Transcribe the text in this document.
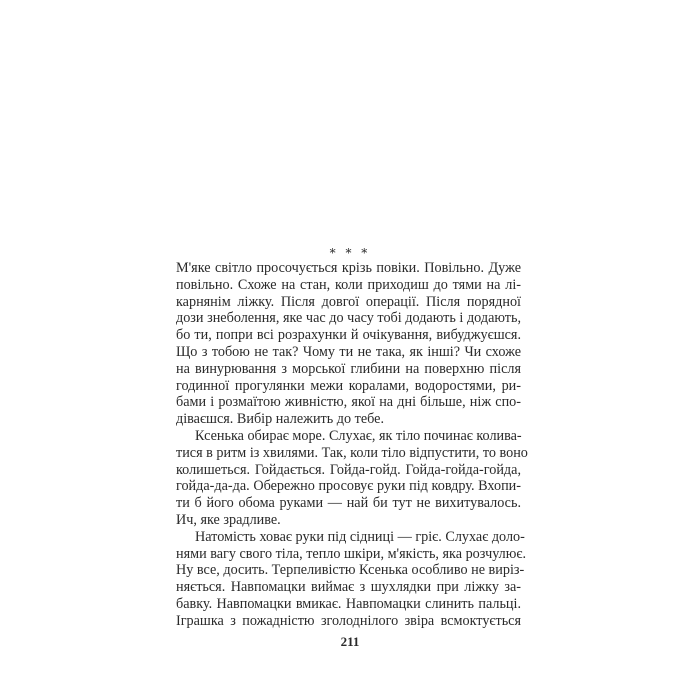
* * *
М'яке світло просочується крізь повіки. Повільно. Дуже
повільно. Схоже на стан, коли приходиш до тями на лі-
карнянім ліжку. Після довгої операції. Після порядної
дози знеболення, яке час до часу тобі додають і додають,
бо ти, попри всі розрахунки й очікування, вибуджуєшся.
Що з тобою не так? Чому ти не така, як інші? Чи схоже
на винурювання з морської глибини на поверхню після
годинної прогулянки межи коралами, водоростями, ри-
бами і розмаїтою живністю, якої на дні більше, ніж спо-
діваєшся. Вибір належить до тебе.
Ксенька обирає море. Слухає, як тіло починає колива-
тися в ритм із хвилями. Так, коли тіло відпустити, то воно
колишеться. Гойдається. Гойда-гойд. Гойда-гойда-гойда,
гойда-да-да. Обережно просовує руки під ковдру. Вхопи-
ти б його обома руками — най би тут не вихитувалось.
Ич, яке зрадливе.
Натомість ховає руки під сідниці — гріє. Слухає доло-
нями вагу свого тіла, тепло шкіри, м'якість, яка розчулює.
Ну все, досить. Терпеливістю Ксенька особливо не виріз-
няється. Навпомацки виймає з шухлядки при ліжку за-
бавку. Навпомацки вмикає. Навпомацки слинить пальці.
Іграшка з пожадністю зголоднілого звіра всмоктується
211
